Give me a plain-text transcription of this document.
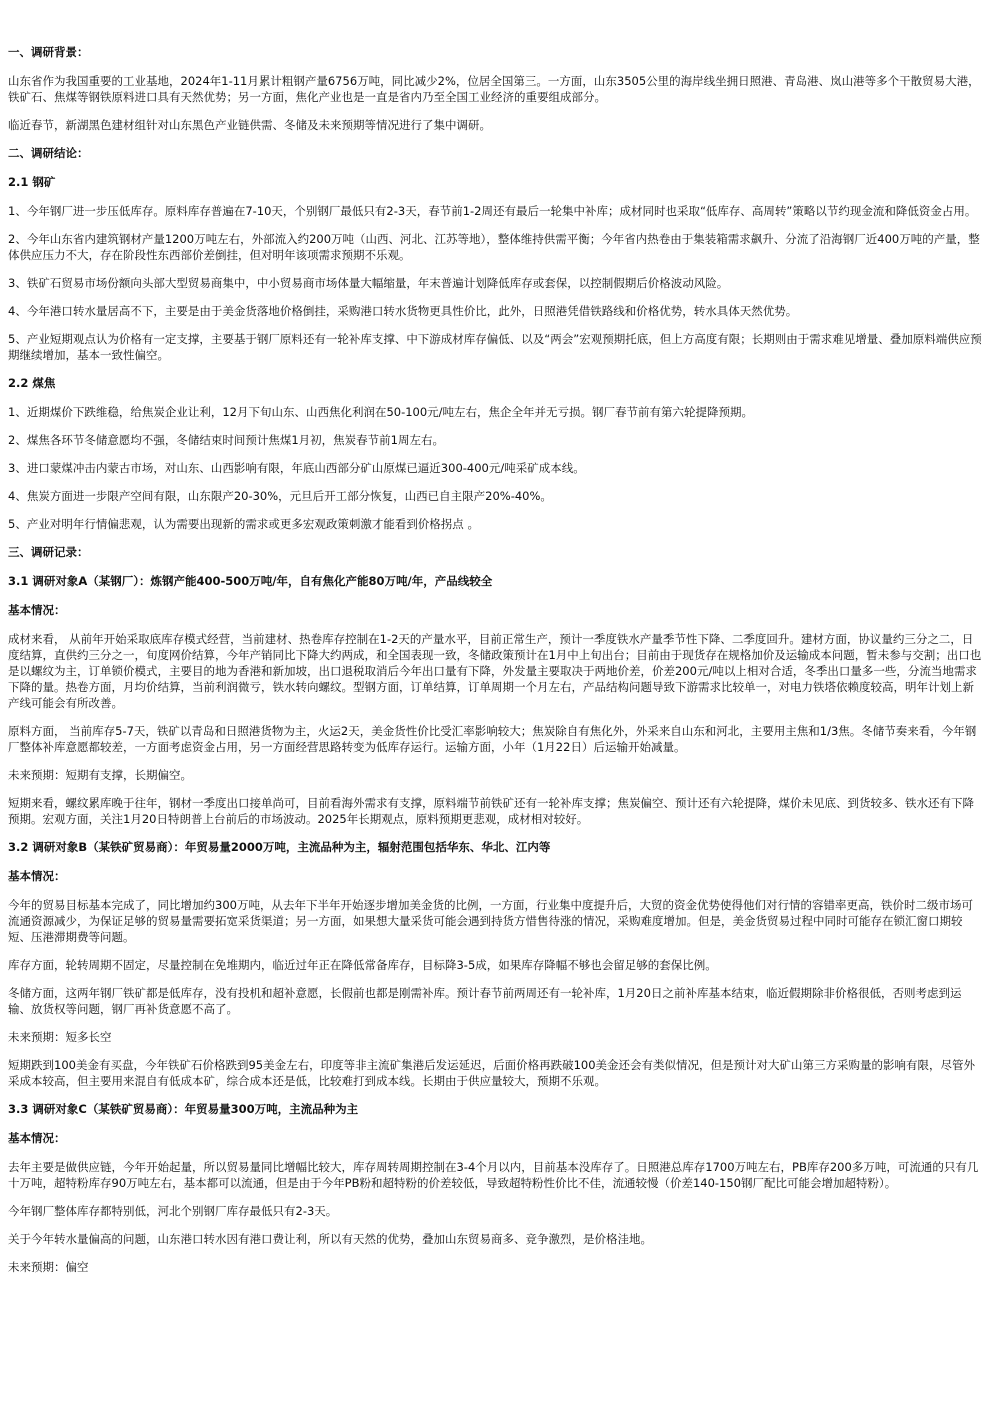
一、调研背景：
山东省作为我国重要的工业基地，2024年1-11月累计粗钢产量6756万吨，同比减少2%，位居全国第三。一方面，山东3505公里的海岸线坐拥日照港、青岛港、岚山港等多个干散贸易大港，铁矿石、焦煤等钢铁原料进口具有天然优势；另一方面，焦化产业也是一直是省内乃至全国工业经济的重要组成部分。
临近春节，新湖黑色建材组针对山东黑色产业链供需、冬储及未来预期等情况进行了集中调研。
二、调研结论：
2.1 钢矿
1、今年钢厂进一步压低库存。原料库存普遍在7-10天，个别钢厂最低只有2-3天，春节前1-2周还有最后一轮集中补库；成材同时也采取“低库存、高周转”策略以节约现金流和降低资金占用。
2、今年山东省内建筑钢材产量1200万吨左右，外部流入约200万吨（山西、河北、江苏等地），整体维持供需平衡；今年省内热卷由于集装箱需求飙升、分流了沿海钢厂近400万吨的产量，整体供应压力不大，存在阶段性东西部价差倒挂，但对明年该项需求预期不乐观。
3、铁矿石贸易市场份额向头部大型贸易商集中，中小贸易商市场体量大幅缩量，年末普遍计划降低库存或套保，以控制假期后价格波动风险。
4、今年港口转水量居高不下，主要是由于美金货落地价格倒挂，采购港口转水货物更具性价比，此外，日照港凭借铁路线和价格优势，转水具体天然优势。
5、产业短期观点认为价格有一定支撑，主要基于钢厂原料还有一轮补库支撑、中下游成材库存偏低、以及“两会”宏观预期托底，但上方高度有限；长期则由于需求难见增量、叠加原料端供应预期继续增加，基本一致性偏空。
2.2 煤焦
1、近期煤价下跌维稳，给焦炭企业让利，12月下旬山东、山西焦化利润在50-100元/吨左右，焦企全年并无亏损。钢厂春节前有第六轮提降预期。
2、煤焦各环节冬储意愿均不强，冬储结束时间预计焦煤1月初，焦炭春节前1周左右。
3、进口蒙煤冲击内蒙古市场，对山东、山西影响有限，年底山西部分矿山原煤已逼近300-400元/吨采矿成本线。
4、焦炭方面进一步限产空间有限，山东限产20-30%，元旦后开工部分恢复，山西已自主限产20%-40%。
5、产业对明年行情偏悲观，认为需要出现新的需求或更多宏观政策刺激才能看到价格拐点 。
三、调研记录：
3.1 调研对象A（某钢厂）：炼钢产能400-500万吨/年，自有焦化产能80万吨/年，产品线较全
基本情况：
成材来看， 从前年开始采取底库存模式经营，当前建材、热卷库存控制在1-2天的产量水平，目前正常生产，预计一季度铁水产量季节性下降、二季度回升。建材方面，协议量约三分之二，日度结算，直供约三分之一，旬度网价结算，今年产销同比下降大约两成，和全国表现一致，冬储政策预计在1月中上旬出台；目前由于现货存在规格加价及运输成本问题，暂未参与交割；出口也是以螺纹为主，订单锁价模式，主要目的地为香港和新加坡，出口退税取消后今年出口量有下降，外发量主要取决于两地价差，价差200元/吨以上相对合适，冬季出口量多一些，分流当地需求下降的量。热卷方面，月均价结算，当前利润微亏，铁水转向螺纹。型钢方面，订单结算，订单周期一个月左右，产品结构问题导致下游需求比较单一，对电力铁塔依赖度较高，明年计划上新产线可能会有所改善。
原料方面， 当前库存5-7天，铁矿以青岛和日照港货物为主，火运2天，美金货性价比受汇率影响较大；焦炭除自有焦化外，外采来自山东和河北，主要用主焦和1/3焦。冬储节奏来看，今年钢厂整体补库意愿都较差，一方面考虑资金占用，另一方面经营思路转变为低库存运行。运输方面，小年（1月22日）后运输开始减量。
未来预期：短期有支撑，长期偏空。
短期来看，螺纹累库晚于往年，钢材一季度出口接单尚可，目前看海外需求有支撑，原料端节前铁矿还有一轮补库支撑；焦炭偏空、预计还有六轮提降，煤价未见底、到货较多、铁水还有下降预期。宏观方面，关注1月20日特朗普上台前后的市场波动。2025年长期观点，原料预期更悲观，成材相对较好。
3.2 调研对象B（某铁矿贸易商）：年贸易量2000万吨，主流品种为主，辐射范围包括华东、华北、江内等
基本情况：
今年的贸易目标基本完成了，同比增加约300万吨，从去年下半年开始逐步增加美金货的比例，一方面，行业集中度提升后，大贸的资金优势使得他们对行情的容错率更高，铁价时二级市场可流通资源减少，为保证足够的贸易量需要拓宽采货渠道；另一方面，如果想大量采货可能会遇到持货方惜售待涨的情况，采购难度增加。但是，美金货贸易过程中同时可能存在锁汇窗口期较短、压港滞期费等问题。
库存方面，轮转周期不固定，尽量控制在免堆期内，临近过年正在降低常备库存，目标降3-5成，如果库存降幅不够也会留足够的套保比例。
冬储方面，这两年钢厂铁矿都是低库存，没有投机和超补意愿，长假前也都是刚需补库。预计春节前两周还有一轮补库，1月20日之前补库基本结束，临近假期除非价格很低，否则考虑到运输、放货权等问题，钢厂再补货意愿不高了。
未来预期：短多长空
短期跌到100美金有买盘，今年铁矿石价格跌到95美金左右，印度等非主流矿集港后发运延迟，后面价格再跌破100美金还会有类似情况，但是预计对大矿山第三方采购量的影响有限，尽管外采成本较高，但主要用来混自有低成本矿，综合成本还是低，比较难打到成本线。长期由于供应量较大，预期不乐观。
3.3 调研对象C（某铁矿贸易商）：年贸易量300万吨，主流品种为主
基本情况：
去年主要是做供应链，今年开始起量，所以贸易量同比增幅比较大，库存周转周期控制在3-4个月以内，目前基本没库存了。日照港总库存1700万吨左右，PB库存200多万吨，可流通的只有几十万吨，超特粉库存90万吨左右，基本都可以流通，但是由于今年PB粉和超特粉的价差较低，导致超特粉性价比不佳，流通较慢（价差140-150钢厂配比可能会增加超特粉）。
今年钢厂整体库存都特别低，河北个别钢厂库存最低只有2-3天。
关于今年转水量偏高的问题，山东港口转水因有港口费让利，所以有天然的优势，叠加山东贸易商多、竞争激烈，是价格洼地。
未来预期：偏空
